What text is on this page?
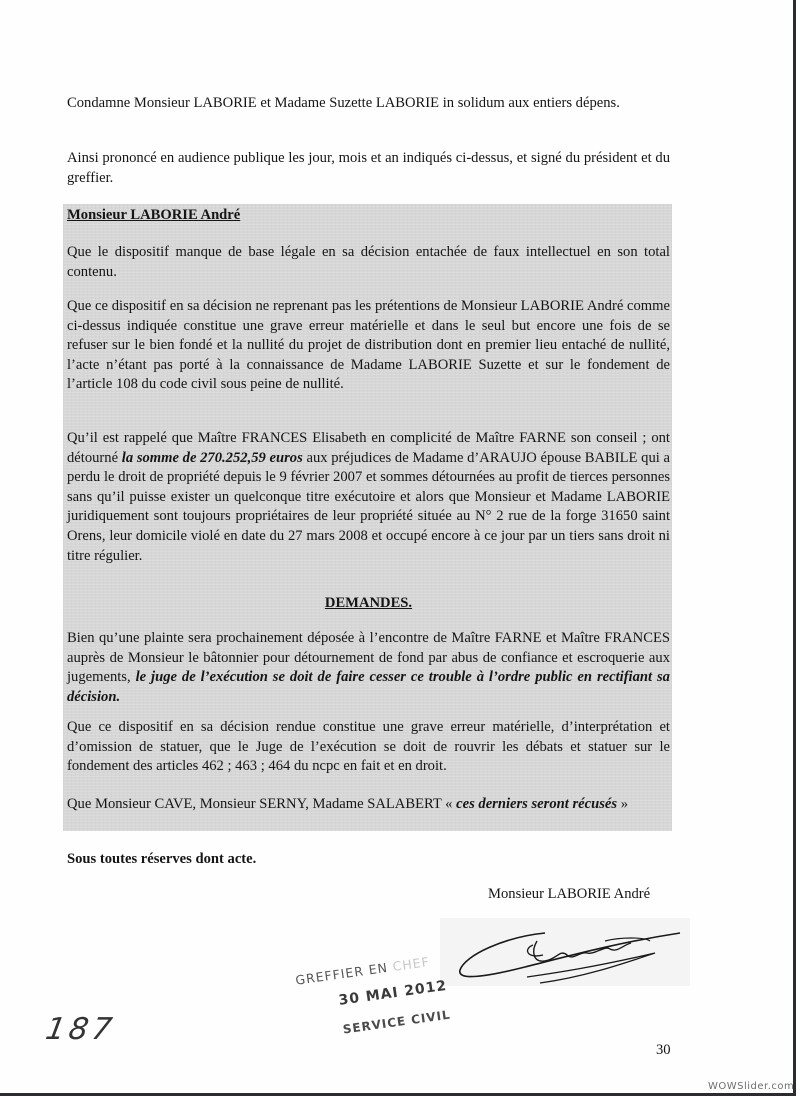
Condamne Monsieur LABORIE et Madame Suzette LABORIE in solidum aux entiers dépens.

Ainsi prononcé en audience publique les jour, mois et an indiqués ci-dessus, et signé du président et du greffier.

Monsieur LABORIE André

Que le dispositif manque de base légale en sa décision entachée de faux intellectuel en son total contenu.

Que ce dispositif en sa décision ne reprenant pas les prétentions de Monsieur LABORIE André comme ci-dessus indiquée constitue une grave erreur matérielle et dans le seul but encore une fois de se refuser sur le bien fondé et la nullité du projet de distribution dont en premier lieu entaché de nullité, l’acte n’étant pas porté à la connaissance de Madame LABORIE Suzette et sur le fondement de l’article 108 du code civil sous peine de nullité.

Qu’il est rappelé que Maître FRANCES Elisabeth en complicité de Maître FARNE son conseil ; ont détourné la somme de 270.252,59 euros aux préjudices de Madame d’ARAUJO épouse BABILE qui a perdu le droit de propriété depuis le 9 février 2007 et sommes détournées au profit de tierces personnes sans qu’il puisse exister un quelconque titre exécutoire et alors que Monsieur et Madame LABORIE juridiquement sont toujours propriétaires de leur propriété située au N° 2 rue de la forge 31650 saint Orens, leur domicile violé en date du 27 mars 2008 et occupé encore à ce jour par un tiers sans droit ni titre régulier.

DEMANDES.

Bien qu’une plainte sera prochainement déposée à l’encontre de Maître FARNE et Maître FRANCES auprès de Monsieur le bâtonnier pour détournement de fond par abus de confiance et escroquerie aux jugements, le juge de l’exécution se doit de faire cesser ce trouble à l’ordre public en rectifiant sa décision.

Que ce dispositif en sa décision rendue constitue une grave erreur matérielle, d’interprétation et d’omission de statuer, que le Juge de l’exécution se doit de rouvrir les débats et statuer sur le fondement des articles 462 ; 463 ; 464 du ncpc en fait et en droit.

Que Monsieur CAVE, Monsieur SERNY, Madame SALABERT « ces derniers seront récusés »

Sous toutes réserves dont acte.
Monsieur LABORIE André
GREFFIER EN CHEF
30 MAI 2012
SERVICE CIVIL
187
30
WOWSlider.com
